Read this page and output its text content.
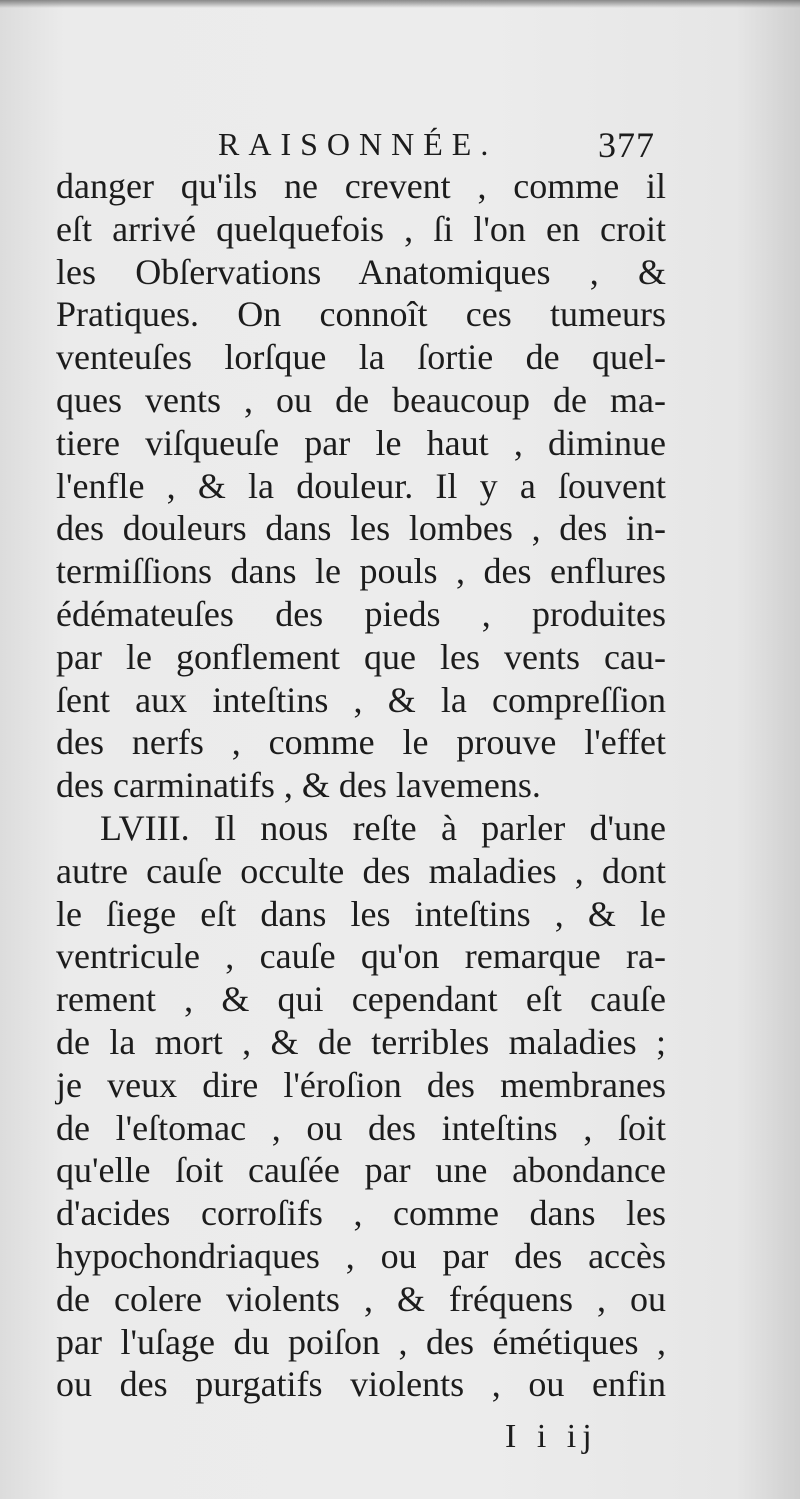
RAISONNÉE.	377
danger qu'ils ne crevent , comme il
eſt arrivé quelquefois , ſi l'on en croit
les Obſervations Anatomiques , &
Pratiques. On connoît ces tumeurs
venteuſes lorſque la ſortie de quel-
ques vents , ou de beaucoup de ma-
tiere viſqueuſe par le haut , diminue
l'enfle , & la douleur. Il y a ſouvent
des douleurs dans les lombes , des in-
termiſſions dans le pouls , des enflures
édémateuſes des pieds , produites
par le gonflement que les vents cau-
ſent aux inteſtins , & la compreſſion
des nerfs , comme le prouve l'effet
des carminatifs , & des lavemens.
LVIII. Il nous reſte à parler d'une
autre cauſe occulte des maladies , dont
le ſiege eſt dans les inteſtins , & le
ventricule , cauſe qu'on remarque ra-
rement , & qui cependant eſt cauſe
de la mort , & de terribles maladies ;
je veux dire l'éroſion des membranes
de l'eſtomac , ou des inteſtins , ſoit
qu'elle ſoit cauſée par une abondance
d'acides corroſifs , comme dans les
hypochondriaques , ou par des accès
de colere violents , & fréquens , ou
par l'uſage du poiſon , des émétiques ,
ou des purgatifs violents , ou enfin
I i ij
